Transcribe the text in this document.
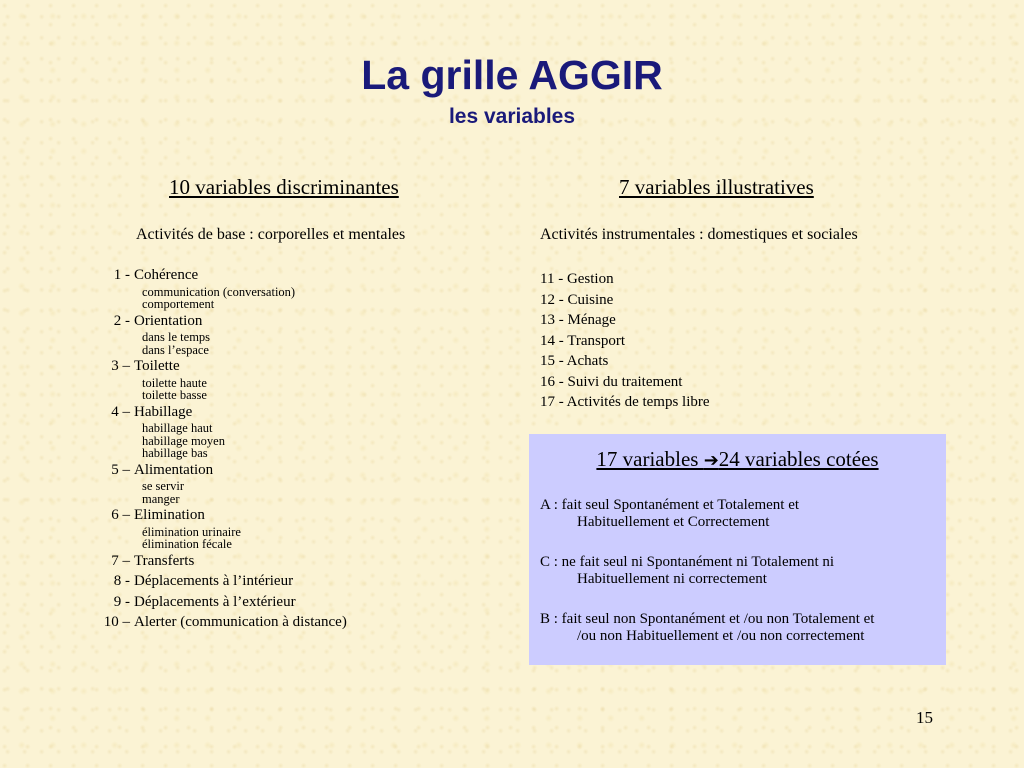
La grille AGGIR
les variables
10 variables discriminantes
Activités de base : corporelles et mentales
1 - Cohérence
communication (conversation)
comportement
2 - Orientation
dans le temps
dans l’espace
3 – Toilette
toilette haute
toilette basse
4 – Habillage
habillage haut
habillage moyen
habillage bas
5 – Alimentation
se servir
manger
6 – Elimination
élimination urinaire
élimination fécale
7 – Transferts
8 - Déplacements à l’intérieur
9 - Déplacements à l’extérieur
10 – Alerter (communication à distance)
7 variables illustratives
Activités instrumentales : domestiques et sociales
11 - Gestion
12 - Cuisine
13 - Ménage
14 - Transport
15 - Achats
16 - Suivi du traitement
17 - Activités de temps libre
17 variables ➔24 variables cotées
A : fait seul Spontanément et Totalement et
Habituellement et Correctement
C : ne fait seul ni Spontanément ni Totalement ni
Habituellement ni correctement
B : fait seul non Spontanément et /ou non Totalement et
/ou non Habituellement et /ou non correctement
15
